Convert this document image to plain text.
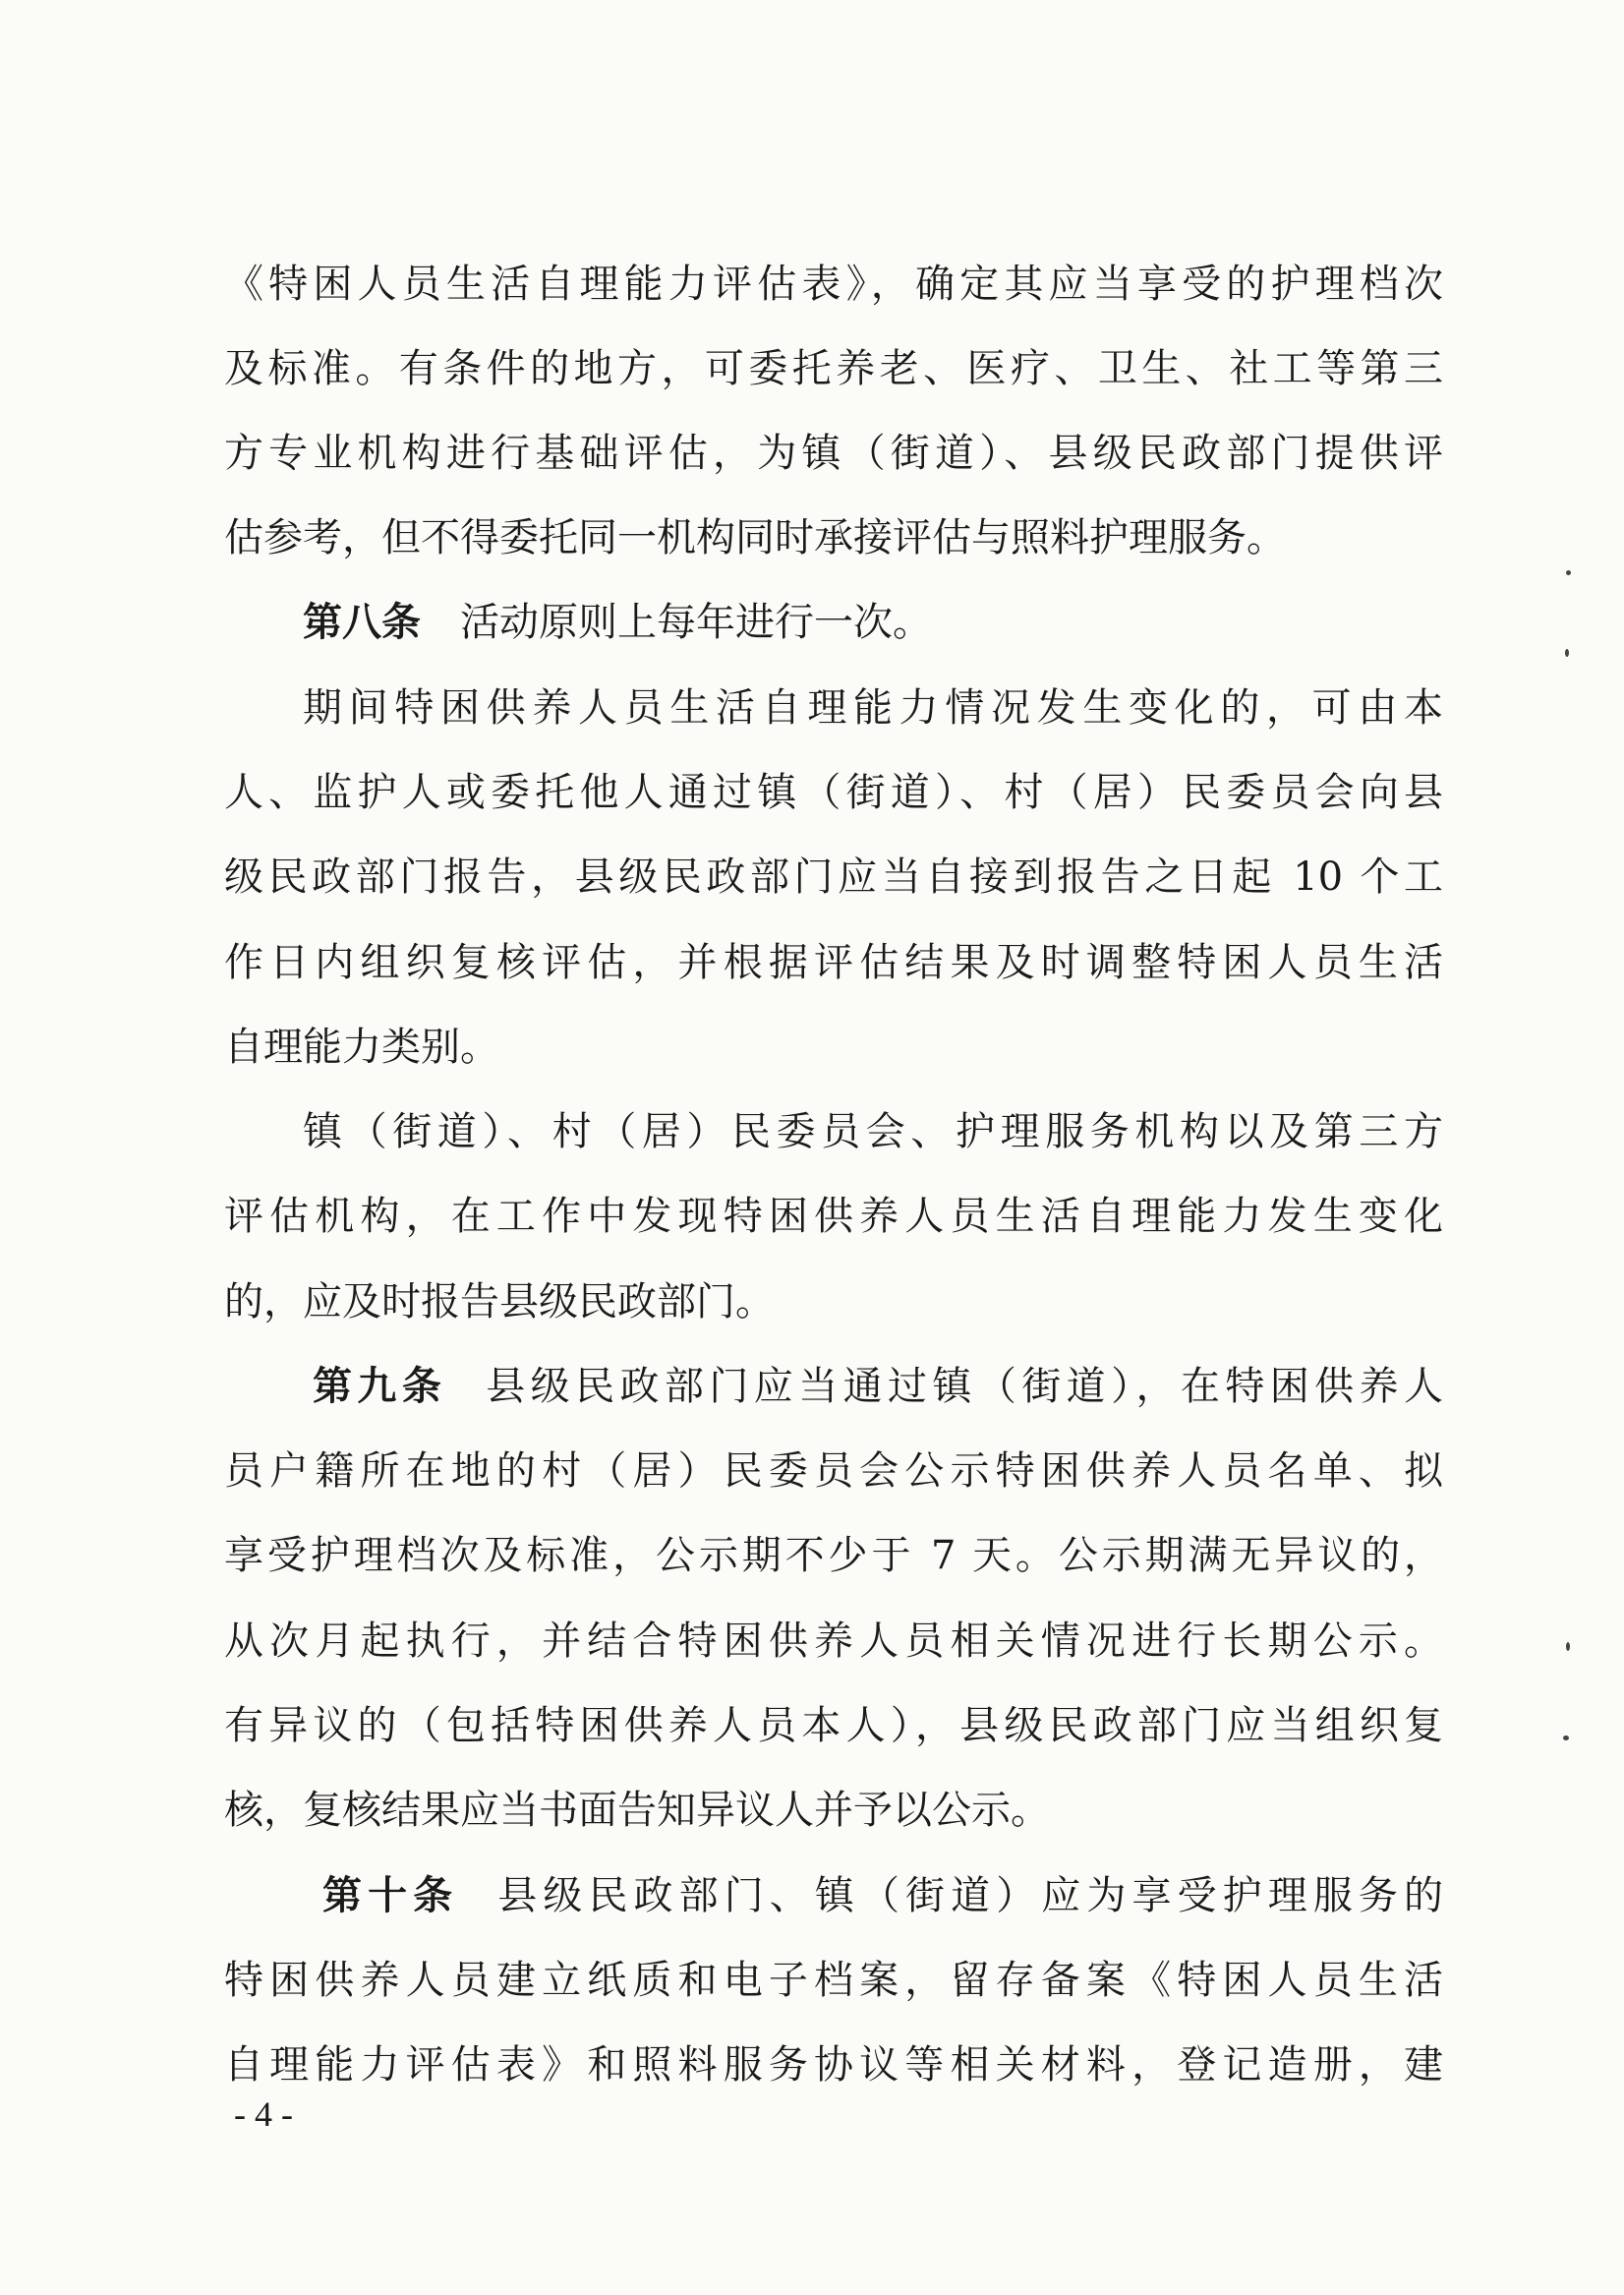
《特困人员生活自理能力评估表》，确定其应当享受的护理档次
及标准。有条件的地方，可委托养老、医疗、卫生、社工等第三
方专业机构进行基础评估，为镇（街道）、县级民政部门提供评
估参考，但不得委托同一机构同时承接评估与照料护理服务。
第八条 活动原则上每年进行一次。
期间特困供养人员生活自理能力情况发生变化的，可由本
人、监护人或委托他人通过镇（街道）、村（居）民委员会向县
级民政部门报告，县级民政部门应当自接到报告之日起 10 个工
作日内组织复核评估，并根据评估结果及时调整特困人员生活
自理能力类别。
镇（街道）、村（居）民委员会、护理服务机构以及第三方
评估机构，在工作中发现特困供养人员生活自理能力发生变化
的，应及时报告县级民政部门。
第九条 县级民政部门应当通过镇（街道），在特困供养人
员户籍所在地的村（居）民委员会公示特困供养人员名单、拟
享受护理档次及标准，公示期不少于 7 天。公示期满无异议的，
从次月起执行，并结合特困供养人员相关情况进行长期公示。
有异议的（包括特困供养人员本人），县级民政部门应当组织复
核，复核结果应当书面告知异议人并予以公示。
第十条 县级民政部门、镇（街道）应为享受护理服务的
特困供养人员建立纸质和电子档案，留存备案《特困人员生活
自理能力评估表》和照料服务协议等相关材料，登记造册，建
- 4 -
